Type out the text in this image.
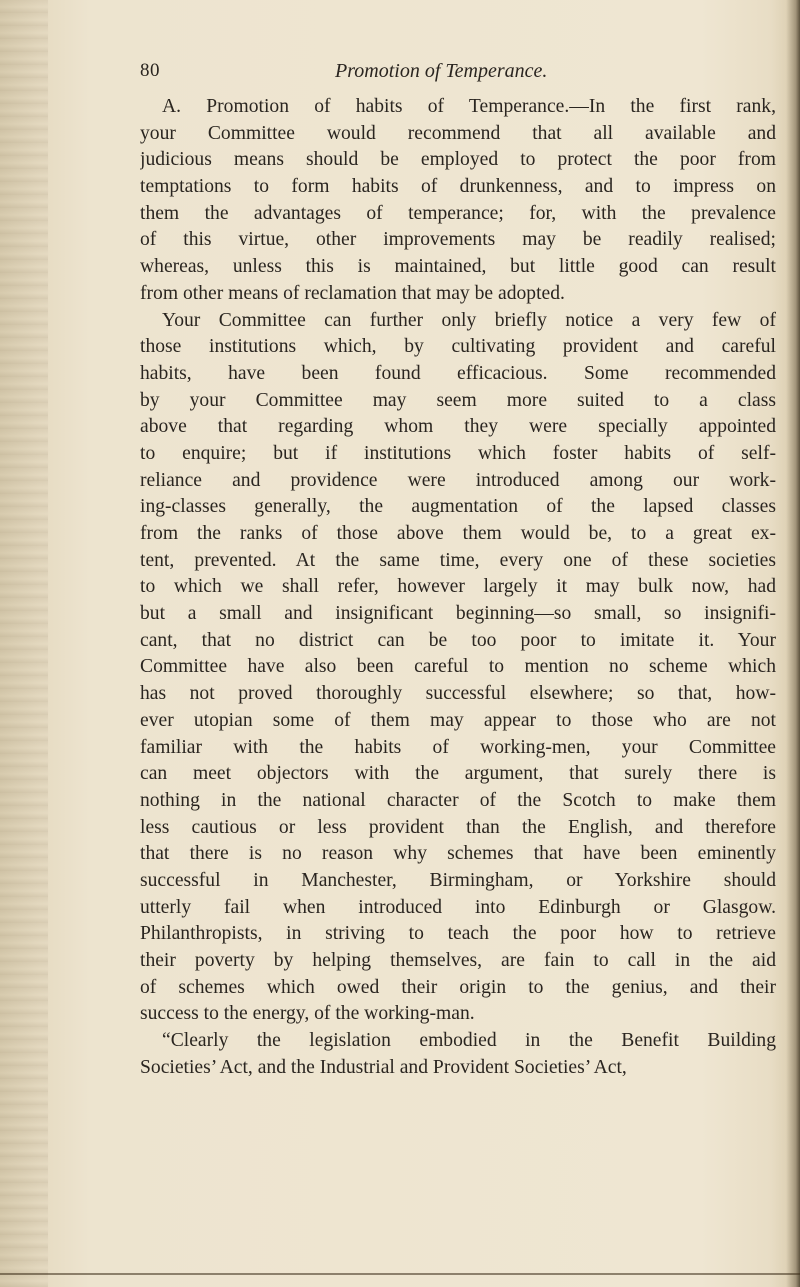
80	Promotion of Temperance.
A. Promotion of habits of Temperance.—In the first rank,
your Committee would recommend that all available and
judicious means should be employed to protect the poor from
temptations to form habits of drunkenness, and to impress on
them the advantages of temperance; for, with the prevalence
of this virtue, other improvements may be readily realised;
whereas, unless this is maintained, but little good can result
from other means of reclamation that may be adopted.
Your Committee can further only briefly notice a very few of
those institutions which, by cultivating provident and careful
habits, have been found efficacious. Some recommended
by your Committee may seem more suited to a class
above that regarding whom they were specially appointed
to enquire; but if institutions which foster habits of self-
reliance and providence were introduced among our work-
ing-classes generally, the augmentation of the lapsed classes
from the ranks of those above them would be, to a great ex-
tent, prevented. At the same time, every one of these societies
to which we shall refer, however largely it may bulk now, had
but a small and insignificant beginning—so small, so insignifi-
cant, that no district can be too poor to imitate it. Your
Committee have also been careful to mention no scheme which
has not proved thoroughly successful elsewhere; so that, how-
ever utopian some of them may appear to those who are not
familiar with the habits of working-men, your Committee
can meet objectors with the argument, that surely there is
nothing in the national character of the Scotch to make them
less cautious or less provident than the English, and therefore
that there is no reason why schemes that have been eminently
successful in Manchester, Birmingham, or Yorkshire should
utterly fail when introduced into Edinburgh or Glasgow.
Philanthropists, in striving to teach the poor how to retrieve
their poverty by helping themselves, are fain to call in the aid
of schemes which owed their origin to the genius, and their
success to the energy, of the working-man.
“Clearly the legislation embodied in the Benefit Building
Societies’ Act, and the Industrial and Provident Societies’ Act,
